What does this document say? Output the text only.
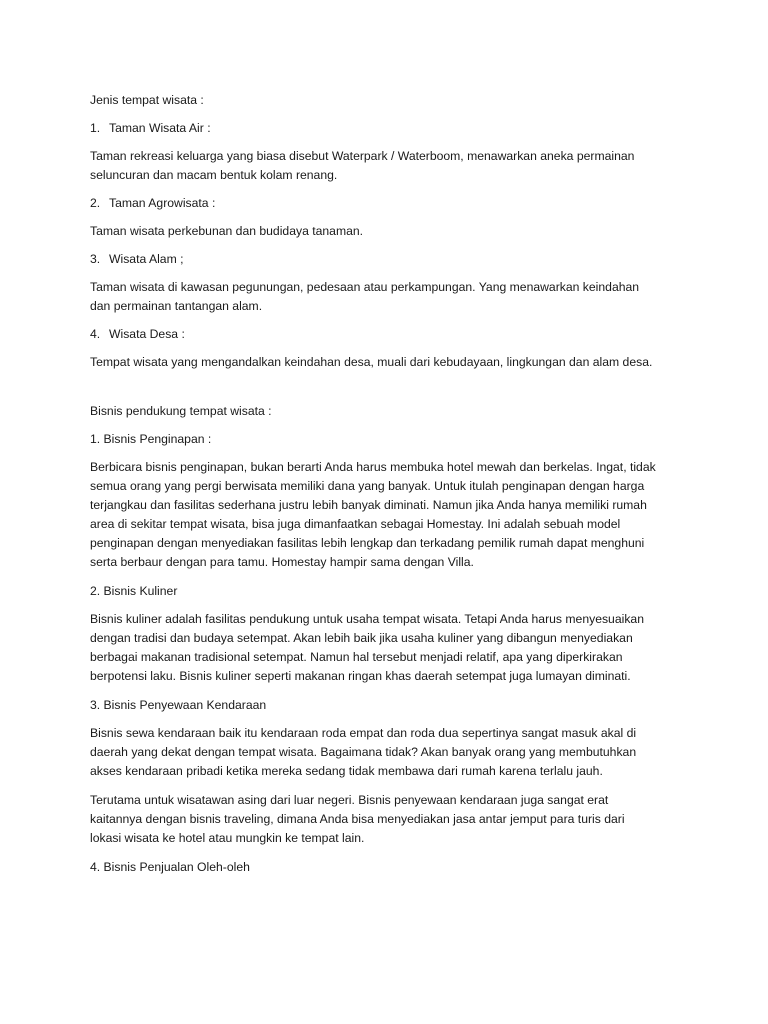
Jenis tempat wisata :

1. Taman Wisata Air :

Taman rekreasi keluarga yang biasa disebut Waterpark / Waterboom, menawarkan aneka permainan

seluncuran dan macam bentuk kolam renang.

2. Taman Agrowisata :

Taman wisata perkebunan dan budidaya tanaman.

3. Wisata Alam ;

Taman wisata di kawasan pegunungan, pedesaan atau perkampungan. Yang menawarkan keindahan

dan permainan tantangan alam.

4. Wisata Desa :

Tempat wisata yang mengandalkan keindahan desa, muali dari kebudayaan, lingkungan dan alam desa.

Bisnis pendukung tempat wisata :

1. Bisnis Penginapan :

Berbicara bisnis penginapan, bukan berarti Anda harus membuka hotel mewah dan berkelas. Ingat, tidak

semua orang yang pergi berwisata memiliki dana yang banyak. Untuk itulah penginapan dengan harga

terjangkau dan fasilitas sederhana justru lebih banyak diminati. Namun jika Anda hanya memiliki rumah

area di sekitar tempat wisata, bisa juga dimanfaatkan sebagai Homestay. Ini adalah sebuah model

penginapan dengan menyediakan fasilitas lebih lengkap dan terkadang pemilik rumah dapat menghuni

serta berbaur dengan para tamu. Homestay hampir sama dengan Villa.

2. Bisnis Kuliner

Bisnis kuliner adalah fasilitas pendukung untuk usaha tempat wisata. Tetapi Anda harus menyesuaikan

dengan tradisi dan budaya setempat. Akan lebih baik jika usaha kuliner yang dibangun menyediakan

berbagai makanan tradisional setempat. Namun hal tersebut menjadi relatif, apa yang diperkirakan

berpotensi laku. Bisnis kuliner seperti makanan ringan khas daerah setempat juga lumayan diminati.

3. Bisnis Penyewaan Kendaraan

Bisnis sewa kendaraan baik itu kendaraan roda empat dan roda dua sepertinya sangat masuk akal di

daerah yang dekat dengan tempat wisata. Bagaimana tidak? Akan banyak orang yang membutuhkan

akses kendaraan pribadi ketika mereka sedang tidak membawa dari rumah karena terlalu jauh.

Terutama untuk wisatawan asing dari luar negeri. Bisnis penyewaan kendaraan juga sangat erat

kaitannya dengan bisnis traveling, dimana Anda bisa menyediakan jasa antar jemput para turis dari

lokasi wisata ke hotel atau mungkin ke tempat lain.

4. Bisnis Penjualan Oleh-oleh
